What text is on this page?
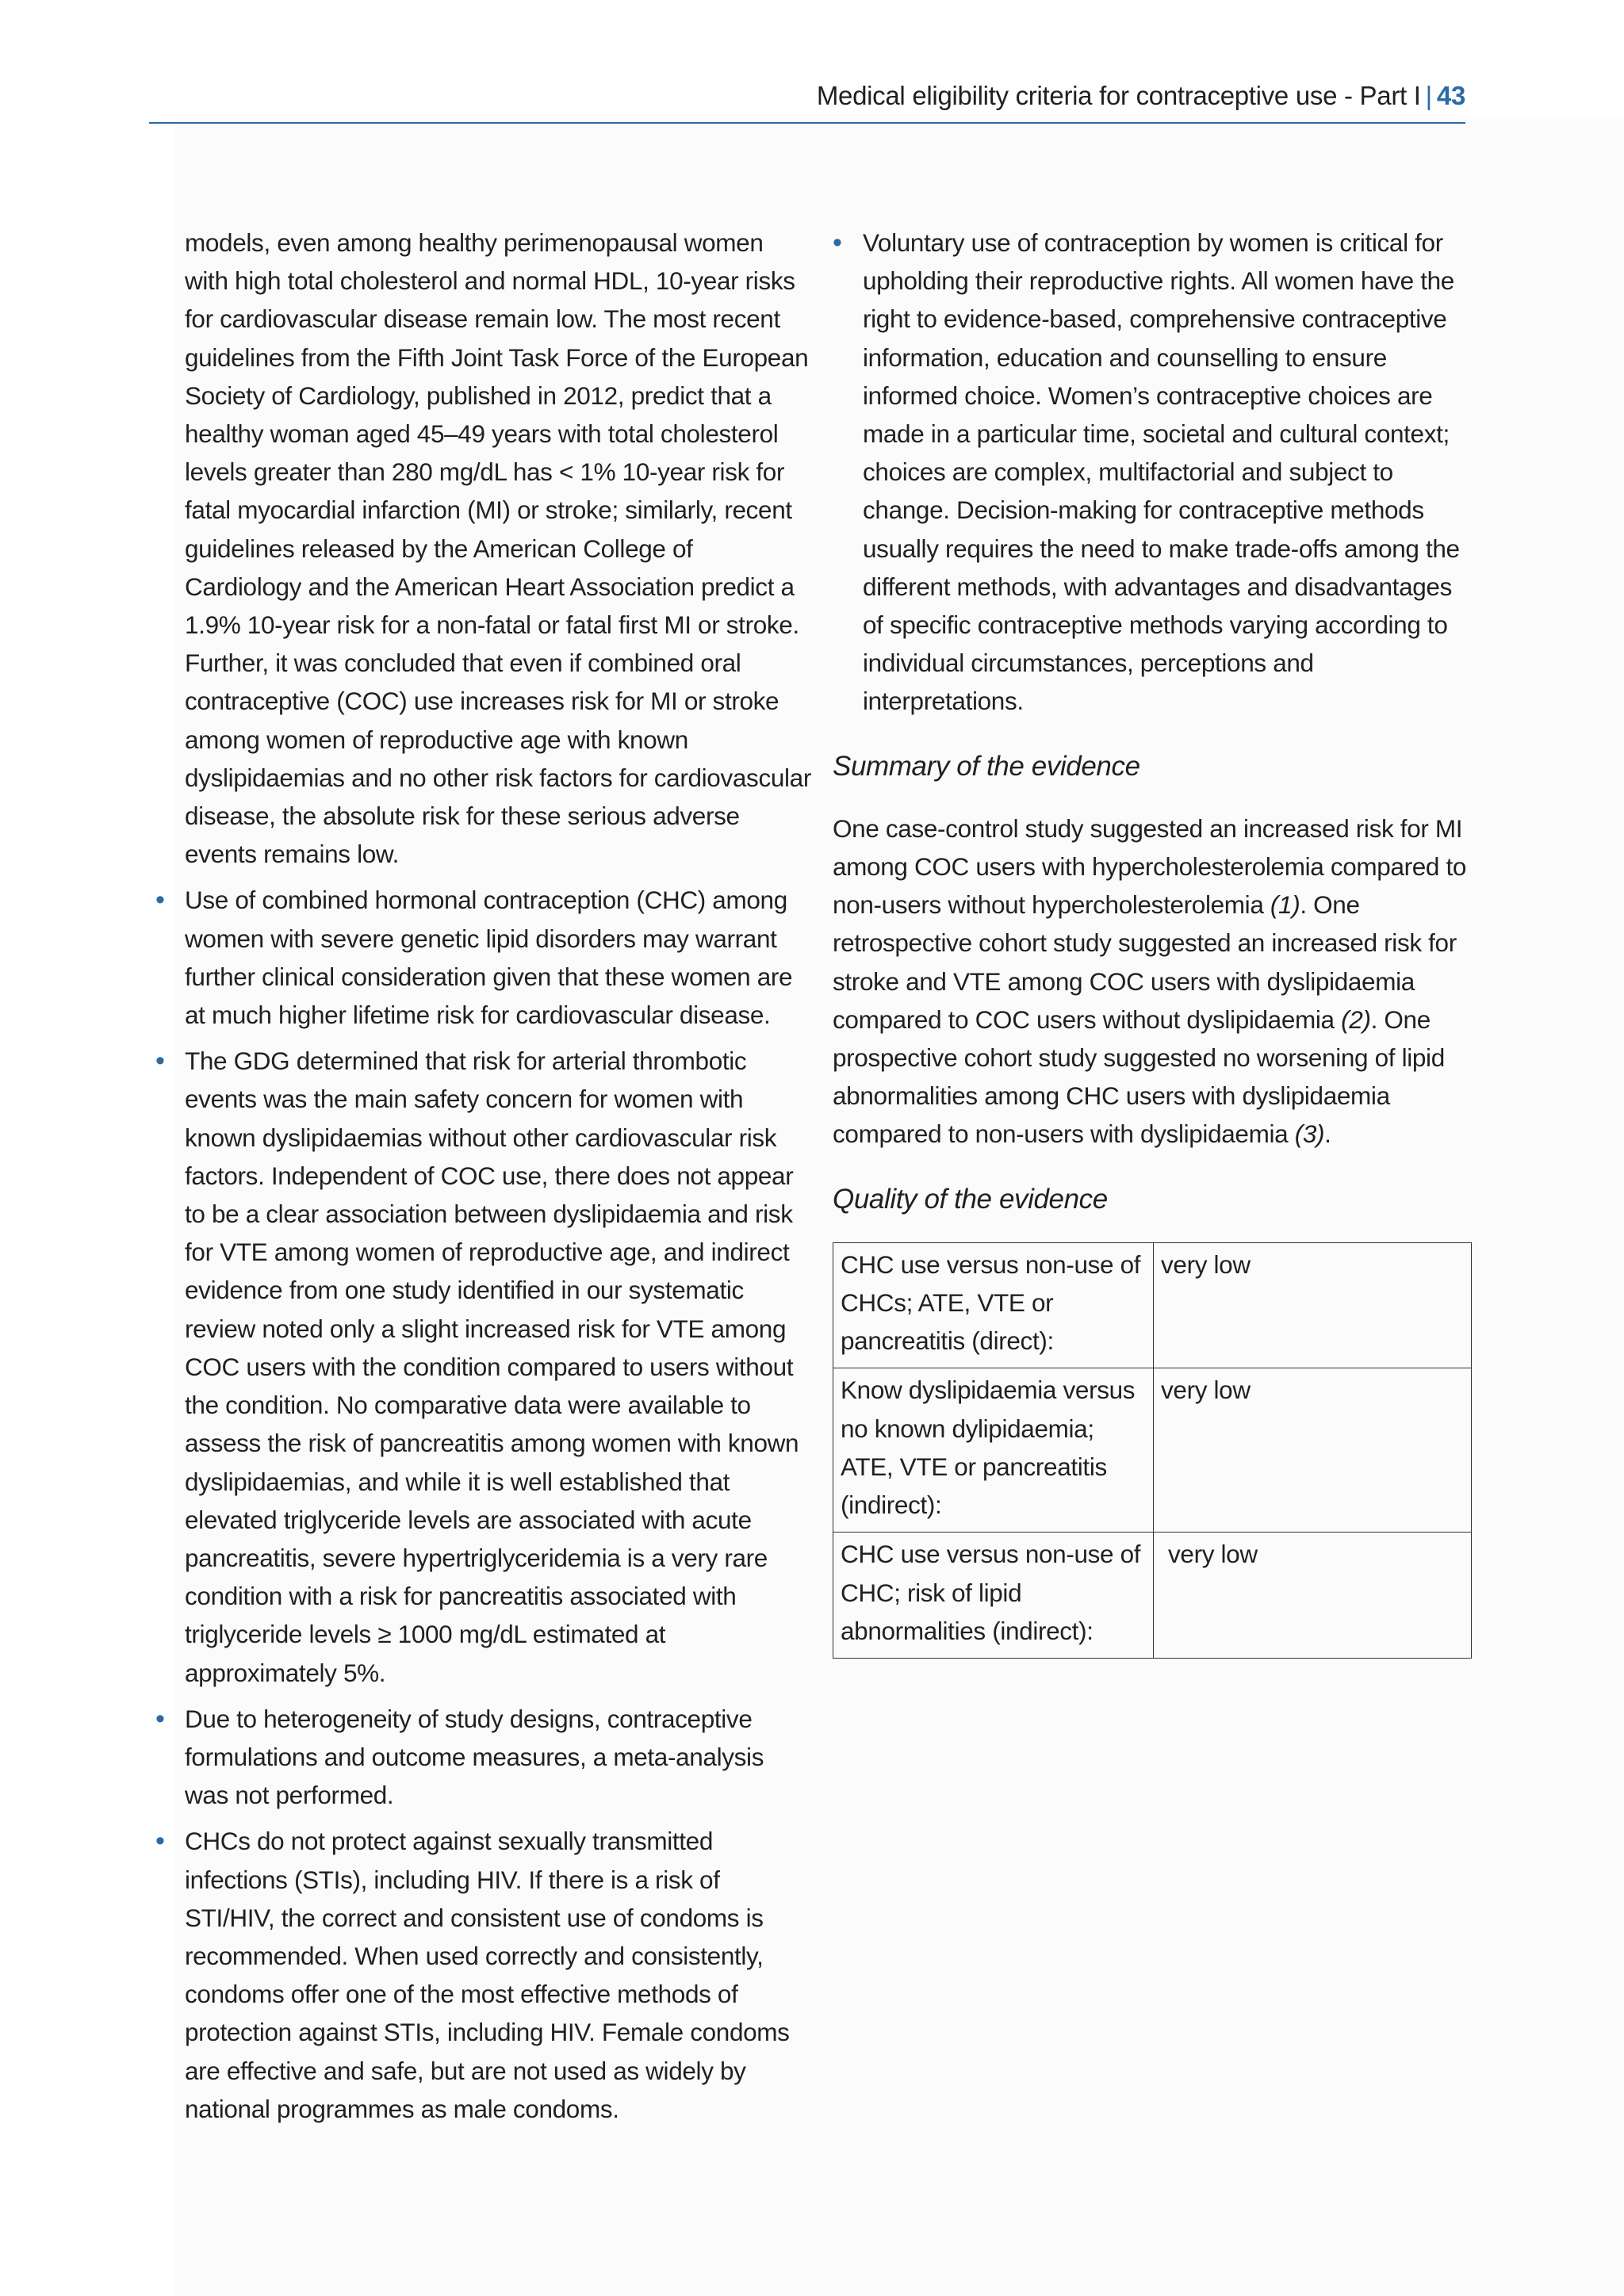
Medical eligibility criteria for contraceptive use - Part I | 43

models, even among healthy perimenopausal women with high total cholesterol and normal HDL, 10-year risks for cardiovascular disease remain low. The most recent guidelines from the Fifth Joint Task Force of the European Society of Cardiology, published in 2012, predict that a healthy woman aged 45–49 years with total cholesterol levels greater than 280 mg/dL has < 1% 10-year risk for fatal myocardial infarction (MI) or stroke; similarly, recent guidelines released by the American College of Cardiology and the American Heart Association predict a 1.9% 10-year risk for a non-fatal or fatal first MI or stroke. Further, it was concluded that even if combined oral contraceptive (COC) use increases risk for MI or stroke among women of reproductive age with known dyslipidaemias and no other risk factors for cardiovascular disease, the absolute risk for these serious adverse events remains low.

• Use of combined hormonal contraception (CHC) among women with severe genetic lipid disorders may warrant further clinical consideration given that these women are at much higher lifetime risk for cardiovascular disease.
• The GDG determined that risk for arterial thrombotic events was the main safety concern for women with known dyslipidaemias without other cardiovascular risk factors. Independent of COC use, there does not appear to be a clear association between dyslipidaemia and risk for VTE among women of reproductive age, and indirect evidence from one study identified in our systematic review noted only a slight increased risk for VTE among COC users with the condition compared to users without the condition. No comparative data were available to assess the risk of pancreatitis among women with known dyslipidaemias, and while it is well established that elevated triglyceride levels are associated with acute pancreatitis, severe hypertriglyceridemia is a very rare condition with a risk for pancreatitis associated with triglyceride levels ≥ 1000 mg/dL estimated at approximately 5%.
• Due to heterogeneity of study designs, contraceptive formulations and outcome measures, a meta-analysis was not performed.
• CHCs do not protect against sexually transmitted infections (STIs), including HIV. If there is a risk of STI/HIV, the correct and consistent use of condoms is recommended. When used correctly and consistently, condoms offer one of the most effective methods of protection against STIs, including HIV. Female condoms are effective and safe, but are not used as widely by national programmes as male condoms.
• Voluntary use of contraception by women is critical for upholding their reproductive rights. All women have the right to evidence-based, comprehensive contraceptive information, education and counselling to ensure informed choice. Women’s contraceptive choices are made in a particular time, societal and cultural context; choices are complex, multifactorial and subject to change. Decision-making for contraceptive methods usually requires the need to make trade-offs among the different methods, with advantages and disadvantages of specific contraceptive methods varying according to individual circumstances, perceptions and interpretations.
Summary of the evidence

One case-control study suggested an increased risk for MI among COC users with hypercholesterolemia compared to non-users without hypercholesterolemia (1). One retrospective cohort study suggested an increased risk for stroke and VTE among COC users with dyslipidaemia compared to COC users without dyslipidaemia (2). One prospective cohort study suggested no worsening of lipid abnormalities among CHC users with dyslipidaemia compared to non-users with dyslipidaemia (3).

Quality of the evidence
CHC use versus non-use of CHCs; ATE, VTE or pancreatitis (direct):	very low
Know dyslipidaemia versus no known dylipidaemia; ATE, VTE or pancreatitis (indirect):	very low
CHC use versus non-use of CHC; risk of lipid abnormalities (indirect):	very low
